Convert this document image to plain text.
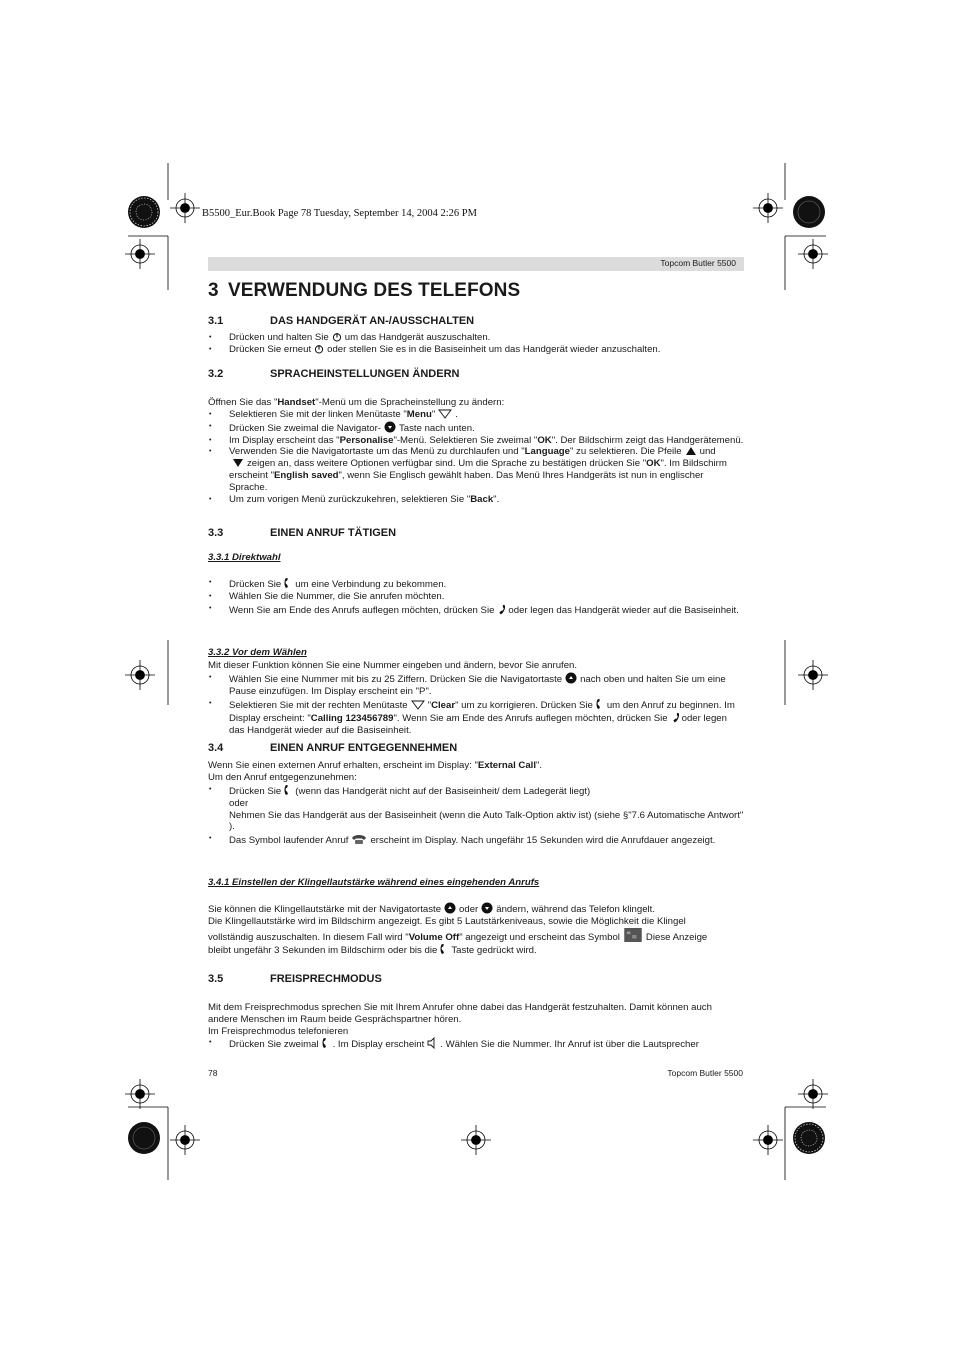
B5500_Eur.Book Page 78 Tuesday, September 14, 2004 2:26 PM
Topcom Butler 5500
3 VERWENDUNG DES TELEFONS
3.1	DAS HANDGERÄT AN-/AUSSCHALTEN
• Drücken und halten Sie um das Handgerät auszuschalten.
• Drücken Sie erneut oder stellen Sie es in die Basiseinheit um das Handgerät wieder anzuschalten.
3.2	SPRACHEINSTELLUNGEN ÄNDERN

Öffnen Sie das "Handset"-Menü um die Spracheinstellung zu ändern:

• Selektieren Sie mit der linken Menütaste "Menu" .
• Drücken Sie zweimal die Navigator- Taste nach unten.
• Im Display erscheint das "Personalise"-Menü. Selektieren Sie zweimal "OK". Der Bildschirm zeigt das Handgerätemenü.
• Verwenden Sie die Navigatortaste um das Menü zu durchlaufen und "Language" zu selektieren. Die Pfeile und
zeigen an, dass weitere Optionen verfügbar sind. Um die Sprache zu bestätigen drücken Sie "OK". Im Bildschirm erscheint "English saved", wenn Sie Englisch gewählt haben. Das Menü Ihres Handgeräts ist nun in englischer Sprache.
• Um zum vorigen Menü zurückzukehren, selektieren Sie "Back".
3.3	EINEN ANRUF TÄTIGEN
3.3.1 Direktwahl
• Drücken Sie um eine Verbindung zu bekommen.
• Wählen Sie die Nummer, die Sie anrufen möchten.
• Wenn Sie am Ende des Anrufs auflegen möchten, drücken Sie oder legen das Handgerät wieder auf die Basiseinheit.
3.3.2 Vor dem Wählen

Mit dieser Funktion können Sie eine Nummer eingeben und ändern, bevor Sie anrufen.

• Wählen Sie eine Nummer mit bis zu 25 Ziffern. Drücken Sie die Navigatortaste nach oben und halten Sie um eine Pause einzufügen. Im Display erscheint ein "P".
• Selektieren Sie mit der rechten Menütaste "Clear" um zu korrigieren. Drücken Sie um den Anruf zu beginnen. Im Display erscheint: "Calling 123456789". Wenn Sie am Ende des Anrufs auflegen möchten, drücken Sie oder legen das Handgerät wieder auf die Basiseinheit.
3.4	EINEN ANRUF ENTGEGENNEHMEN

Wenn Sie einen externen Anruf erhalten, erscheint im Display: "External Call".
Um den Anruf entgegenzunehmen:

• Drücken Sie (wenn das Handgerät nicht auf der Basiseinheit/ dem Ladegerät liegt)
oder
Nehmen Sie das Handgerät aus der Basiseinheit (wenn die Auto Talk-Option aktiv ist) (siehe §"7.6 Automatische Antwort" ).
• Das Symbol laufender Anruf erscheint im Display. Nach ungefähr 15 Sekunden wird die Anrufdauer angezeigt.
3.4.1 Einstellen der Klingellautstärke während eines eingehenden Anrufs

Sie können die Klingellautstärke mit der Navigatortaste oder ändern, während das Telefon klingelt.
Die Klingellautstärke wird im Bildschirm angezeigt. Es gibt 5 Lautstärkeniveaus, sowie die Möglichkeit die Klingel
vollständig auszuschalten. In diesem Fall wird "Volume Off" angezeigt und erscheint das Symbol	Diese Anzeige
bleibt ungefähr 3 Sekunden im Bildschirm oder bis die Taste gedrückt wird.

3.5	FREISPRECHMODUS

Mit dem Freisprechmodus sprechen Sie mit Ihrem Anrufer ohne dabei das Handgerät festzuhalten. Damit können auch andere Menschen im Raum beide Gesprächspartner hören.
Im Freisprechmodus telefonieren

• Drücken Sie zweimal . Im Display erscheint . Wählen Sie die Nummer. Ihr Anruf ist über die Lautsprecher
78	Topcom Butler 5500
